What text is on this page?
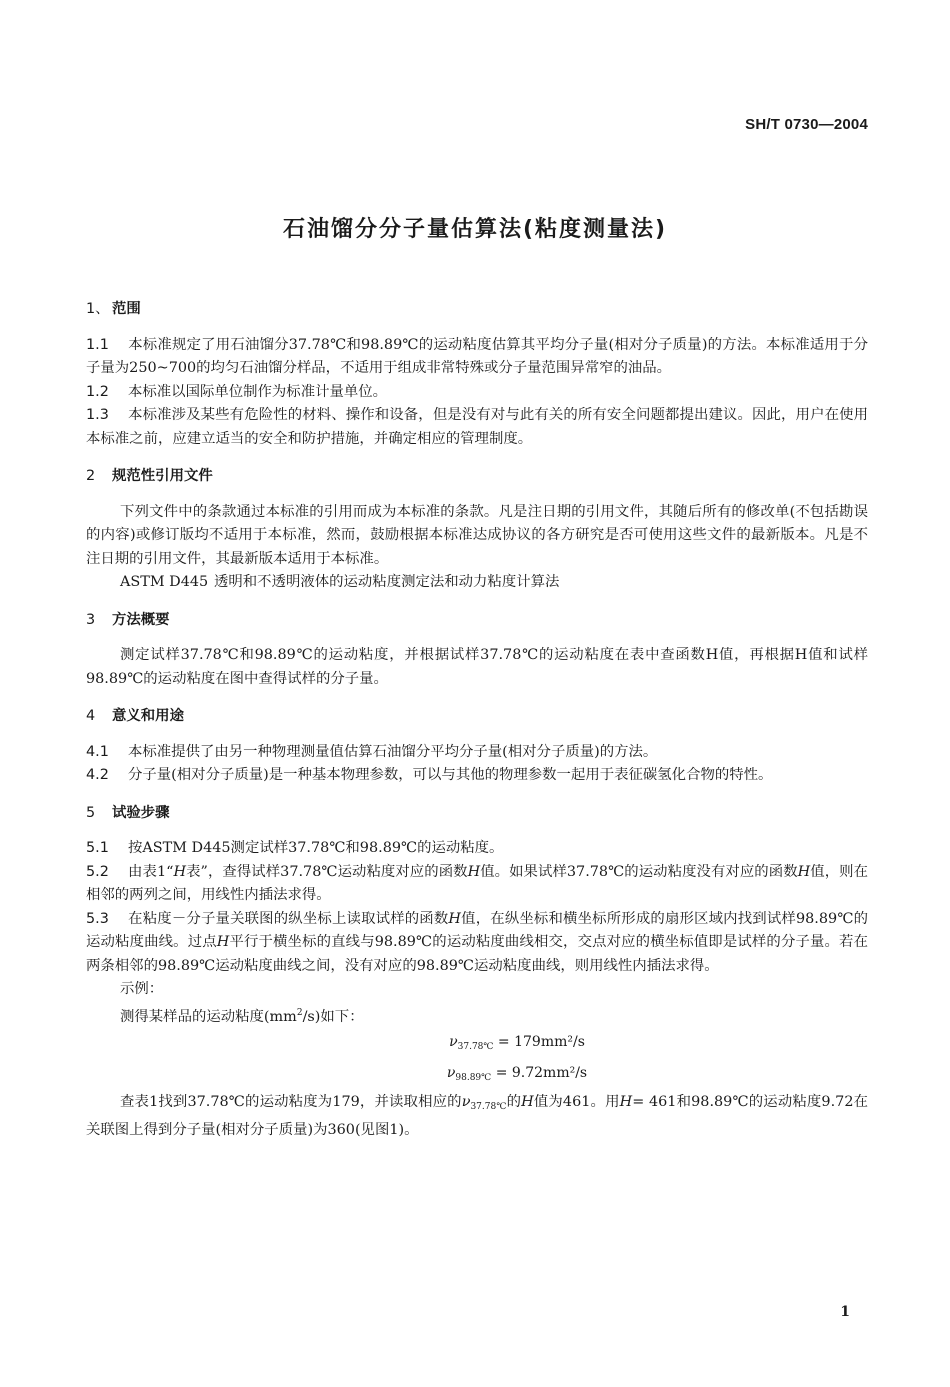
SH/T 0730—2004
石油馏分分子量估算法(粘度测量法)
1、 范围

1.1 本标准规定了用石油馏分37.78℃和98.89℃的运动粘度估算其平均分子量(相对分子质量)的方法。本标准适用于分子量为250~700的均匀石油馏分样品，不适用于组成非常特殊或分子量范围异常窄的油品。

1.2 本标准以国际单位制作为标准计量单位。

1.3 本标准涉及某些有危险性的材料、操作和设备，但是没有对与此有关的所有安全问题都提出建议。因此，用户在使用本标准之前，应建立适当的安全和防护措施，并确定相应的管理制度。

2 规范性引用文件

下列文件中的条款通过本标准的引用而成为本标准的条款。凡是注日期的引用文件，其随后所有的修改单(不包括勘误的内容)或修订版均不适用于本标准，然而，鼓励根据本标准达成协议的各方研究是否可使用这些文件的最新版本。凡是不注日期的引用文件，其最新版本适用于本标准。

ASTM D445 透明和不透明液体的运动粘度测定法和动力粘度计算法

3 方法概要

测定试样37.78℃和98.89℃的运动粘度，并根据试样37.78℃的运动粘度在表中查函数H值，再根据H值和试样98.89℃的运动粘度在图中查得试样的分子量。

4 意义和用途

4.1 本标准提供了由另一种物理测量值估算石油馏分平均分子量(相对分子质量)的方法。

4.2 分子量(相对分子质量)是一种基本物理参数，可以与其他的物理参数一起用于表征碳氢化合物的特性。

5 试验步骤

5.1 按ASTM D445测定试样37.78℃和98.89℃的运动粘度。

5.2 由表1“H表”，查得试样37.78℃运动粘度对应的函数H值。如果试样37.78℃的运动粘度没有对应的函数H值，则在相邻的两列之间，用线性内插法求得。

5.3 在粘度－分子量关联图的纵坐标上读取试样的函数H值，在纵坐标和横坐标所形成的扇形区域内找到试样98.89℃的运动粘度曲线。过点H平行于横坐标的直线与98.89℃的运动粘度曲线相交，交点对应的横坐标值即是试样的分子量。若在两条相邻的98.89℃运动粘度曲线之间，没有对应的98.89℃运动粘度曲线，则用线性内插法求得。

示例：

测得某样品的运动粘度$(mm^2/s)$如下：

$\nu_{37.78℃} = 179mm^2/s$
$\nu_{98.89℃} = 9.72mm^2/s$

查表1找到37.78℃的运动粘度为179，并读取相应的$\nu_{37.78℃}$的H值为461。用H= 461和98.89℃的运动粘度9.72在关联图上得到分子量(相对分子质量)为360(见图1)。

1
